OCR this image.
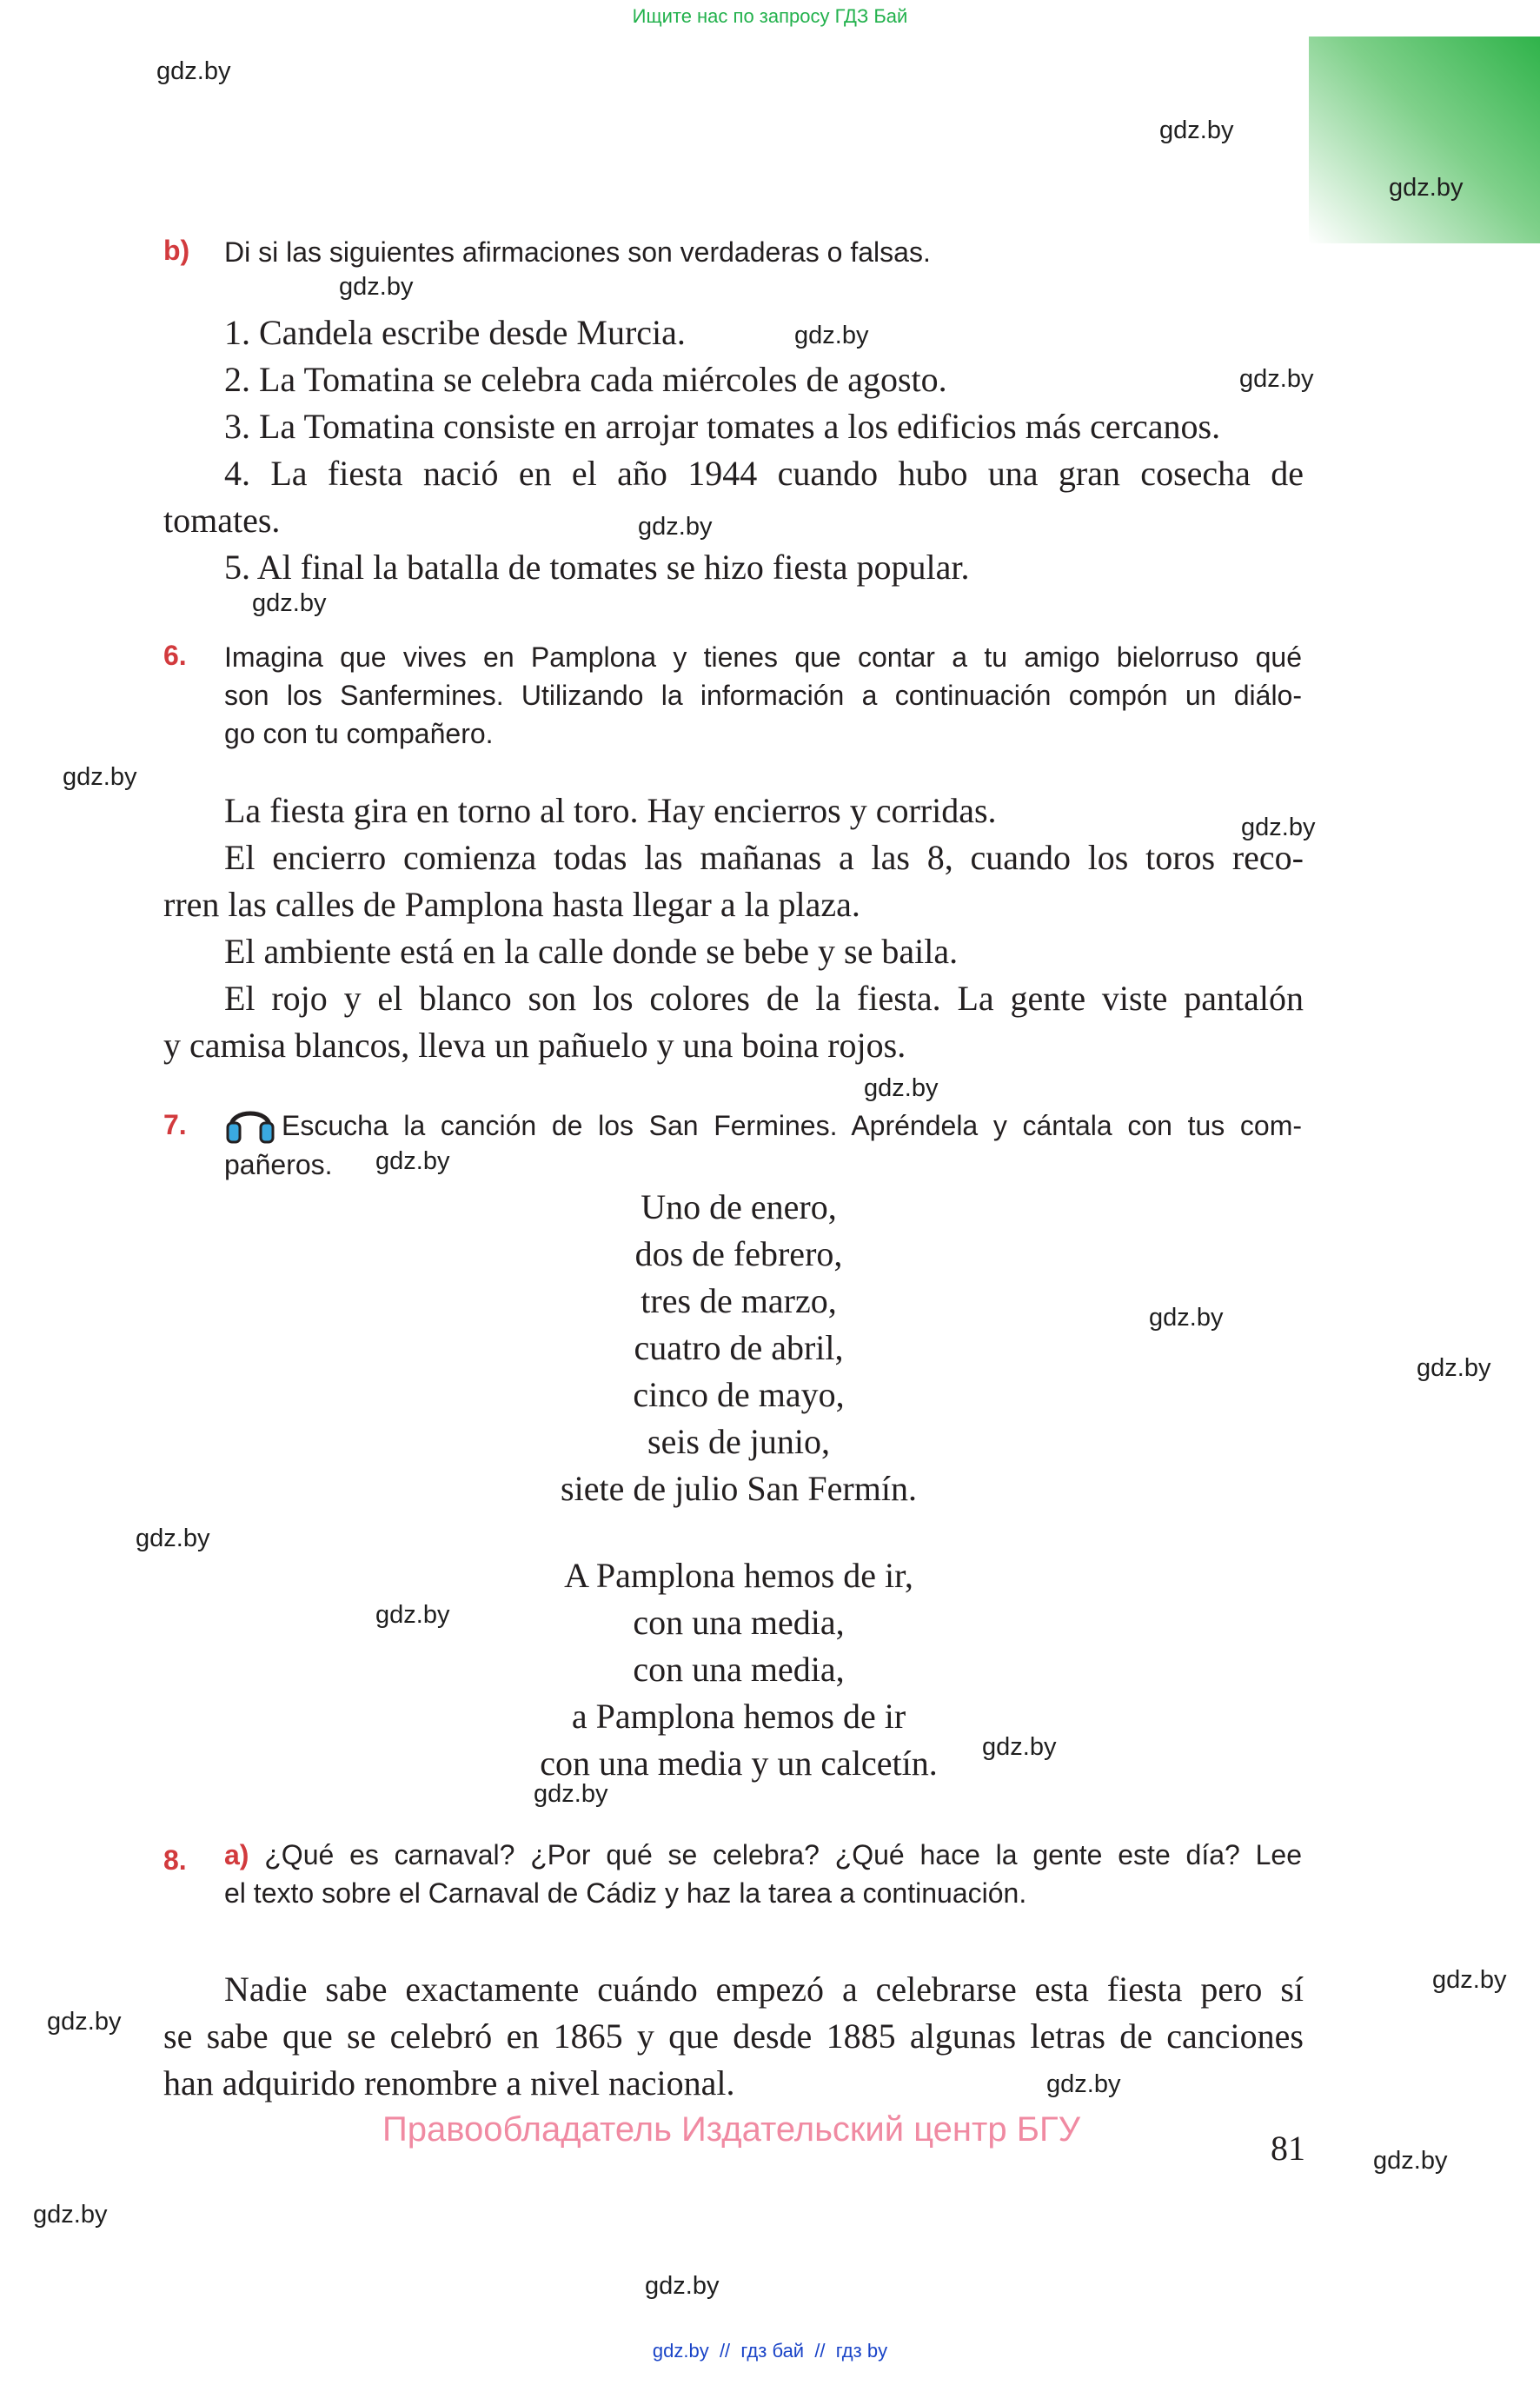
Ищите нас по запросу ГДЗ Бай
gdz.by
gdz.by
gdz.by
gdz.by
gdz.by
gdz.by
gdz.by
gdz.by
gdz.by
gdz.by
gdz.by
gdz.by
gdz.by
gdz.by
gdz.by
gdz.by
gdz.by
gdz.by
gdz.by
gdz.by
gdz.by
gdz.by
gdz.by
gdz.by
b) Di si las siguientes afirmaciones son verdaderas o falsas.
1. Candela escribe desde Murcia.
2. La Tomatina se celebra cada miércoles de agosto.
3. La Tomatina consiste en arrojar tomates a los edificios más cercanos.
4. La fiesta nació en el año 1944 cuando hubo una gran cosecha de
tomates.
5. Al final la batalla de tomates se hizo fiesta popular.
6. Imagina que vives en Pamplona y tienes que contar a tu amigo bielorruso qué
son los Sanfermines. Utilizando la información a continuación compón un diálo-
go con tu compañero.
La fiesta gira en torno al toro. Hay encierros y corridas.
El encierro comienza todas las mañanas a las 8, cuando los toros reco-
rren las calles de Pamplona hasta llegar a la plaza.
El ambiente está en la calle donde se bebe y se baila.
El rojo y el blanco son los colores de la fiesta. La gente viste pantalón
y camisa blancos, lleva un pañuelo y una boina rojos.
7.	Escucha la canción de los San Fermines. Apréndela y cántala con tus com-
pañeros.
Uno de enero,
dos de febrero,
tres de marzo,
cuatro de abril,
cinco de mayo,
seis de junio,
siete de julio San Fermín.
A Pamplona hemos de ir,
con una media,
con una media,
a Pamplona hemos de ir
con una media y un calcetín.
8. a) ¿Qué es carnaval? ¿Por qué se celebra? ¿Qué hace la gente este día? Lee
el texto sobre el Carnaval de Cádiz y haz la tarea a continuación.
Nadie sabe exactamente cuándo empezó a celebrarse esta fiesta pero sí
se sabe que se celebró en 1865 y que desde 1885 algunas letras de canciones
han adquirido renombre a nivel nacional.
Правообладатель Издательский центр БГУ	81
gdz.by  //  гдз бай  //  гдз by
